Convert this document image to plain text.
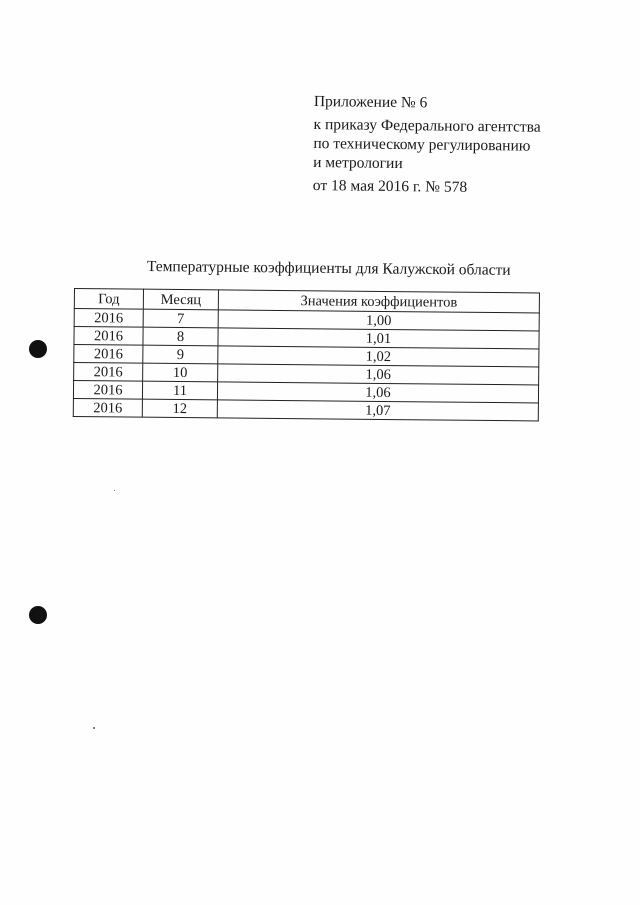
Приложение № 6
к приказу Федерального агентства
по техническому регулированию
и метрологии
от 18 мая 2016 г. № 578
Температурные коэффициенты для Калужской области
Год	Месяц	Значения коэффициентов
2016	7	1,00
2016	8	1,01
2016	9	1,02
2016	10	1,06
2016	11	1,06
2016	12	1,07
